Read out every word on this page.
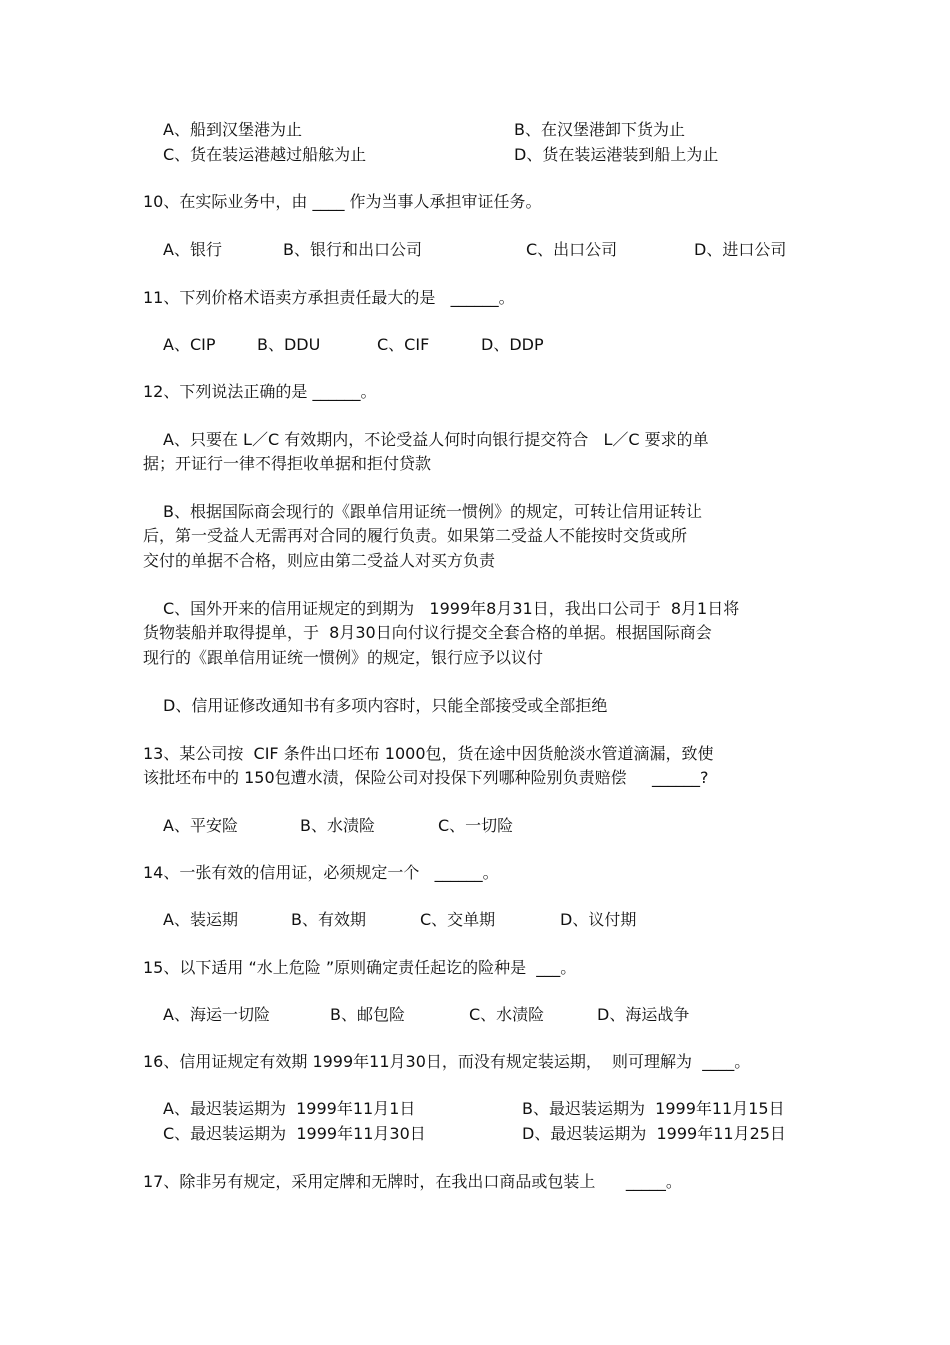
A、船到汉堡港为止	B、在汉堡港卸下货为止
C、货在装运港越过船舷为止	D、货在装运港装到船上为止
10、在实际业务中，由 ____ 作为当事人承担审证任务。
A、银行	B、银行和出口公司	C、出口公司	D、进口公司
11、下列价格术语卖方承担责任最大的是   ______。
A、CIP	B、DDU	C、CIF	D、DDP
12、下列说法正确的是 ______。
A、只要在 L／C 有效期内，不论受益人何时向银行提交符合   L／C 要求的单
据；开证行一律不得拒收单据和拒付贷款
B、根据国际商会现行的《跟单信用证统一惯例》的规定，可转让信用证转让
后，第一受益人无需再对合同的履行负责。如果第二受益人不能按时交货或所
交付的单据不合格，则应由第二受益人对买方负责
C、国外开来的信用证规定的到期为   1999年8月31日，我出口公司于  8月1日将
货物装船并取得提单，于  8月30日向付议行提交全套合格的单据。根据国际商会
现行的《跟单信用证统一惯例》的规定，银行应予以议付
D、信用证修改通知书有多项内容时，只能全部接受或全部拒绝
13、某公司按  CIF 条件出口坯布 1000包，货在途中因货舱淡水管道滴漏，致使
该批坯布中的 150包遭水渍，保险公司对投保下列哪种险别负责赔偿     ______?
A、平安险	B、水渍险	C、一切险
14、一张有效的信用证，必须规定一个   ______。
A、装运期	B、有效期	C、交单期	D、议付期
15、以下适用 “水上危险 ”原则确定责任起讫的险种是  ___。
A、海运一切险	B、邮包险	C、水渍险	D、海运战争
16、信用证规定有效期 1999年11月30日，而没有规定装运期，  则可理解为  ____。
A、最迟装运期为  1999年11月1日	B、最迟装运期为  1999年11月15日
C、最迟装运期为  1999年11月30日	D、最迟装运期为  1999年11月25日
17、除非另有规定，采用定牌和无牌时，在我出口商品或包装上      _____。
